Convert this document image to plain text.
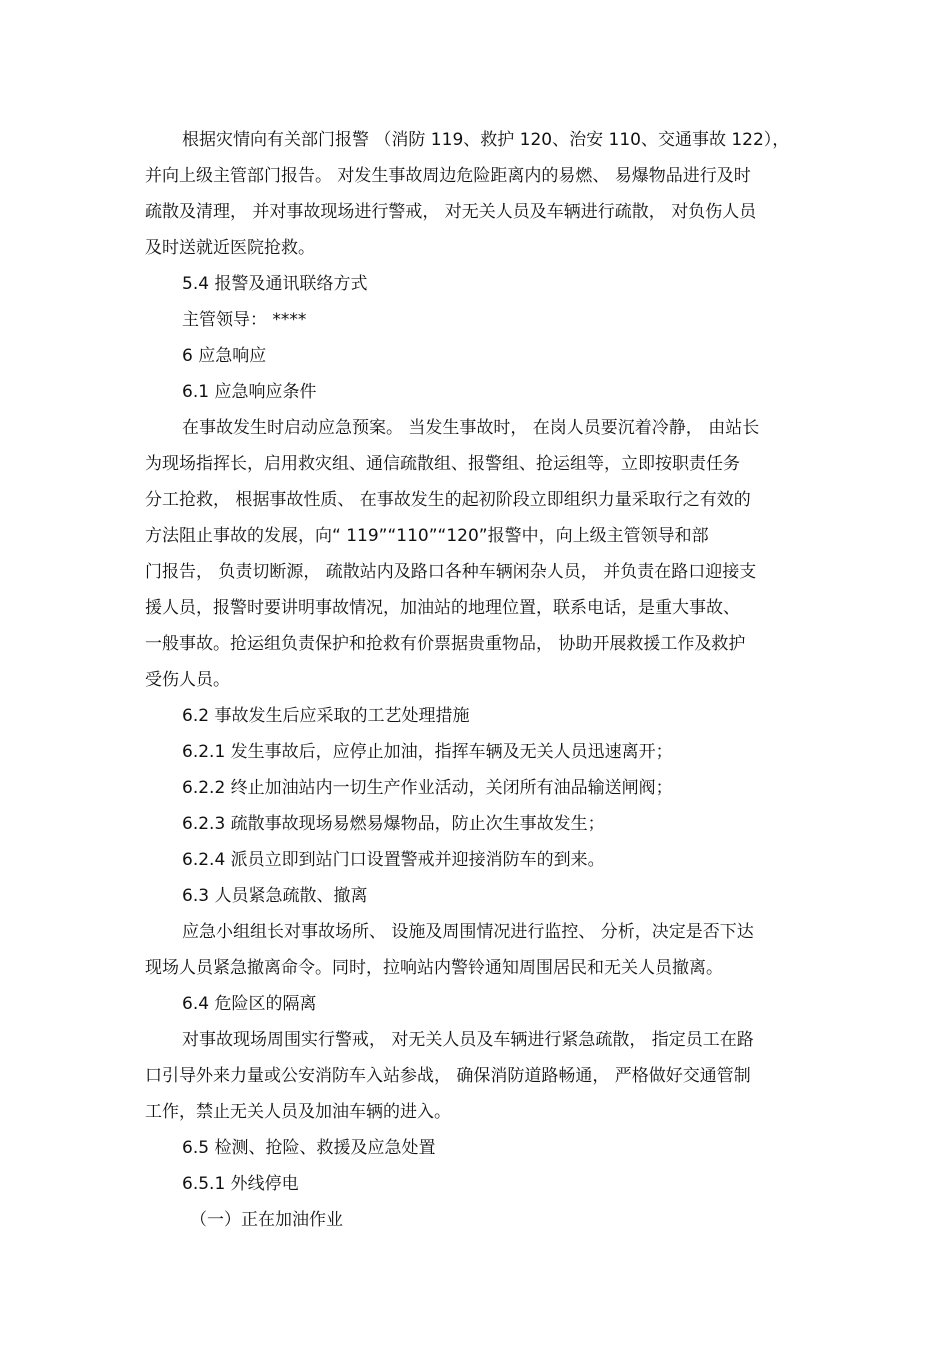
根据灾情向有关部门报警 （消防 119、救护 120、治安 110、交通事故 122），
并向上级主管部门报告。 对发生事故周边危险距离内的易燃、 易爆物品进行及时
疏散及清理， 并对事故现场进行警戒， 对无关人员及车辆进行疏散， 对负伤人员
及时送就近医院抢救。
5.4 报警及通讯联络方式
主管领导： ****
6 应急响应
6.1 应急响应条件
在事故发生时启动应急预案。 当发生事故时， 在岗人员要沉着冷静， 由站长
为现场指挥长，启用救灾组、通信疏散组、报警组、抢运组等，立即按职责任务
分工抢救， 根据事故性质、 在事故发生的起初阶段立即组织力量采取行之有效的
方法阻止事故的发展，向“ 119”“110”“120”报警中，向上级主管领导和部
门报告， 负责切断源， 疏散站内及路口各种车辆闲杂人员， 并负责在路口迎接支
援人员，报警时要讲明事故情况，加油站的地理位置，联系电话，是重大事故、
一般事故。抢运组负责保护和抢救有价票据贵重物品， 协助开展救援工作及救护
受伤人员。
6.2 事故发生后应采取的工艺处理措施
6.2.1 发生事故后，应停止加油，指挥车辆及无关人员迅速离开；
6.2.2 终止加油站内一切生产作业活动，关闭所有油品输送闸阀；
6.2.3 疏散事故现场易燃易爆物品，防止次生事故发生；
6.2.4 派员立即到站门口设置警戒并迎接消防车的到来。
6.3 人员紧急疏散、撤离
应急小组组长对事故场所、 设施及周围情况进行监控、 分析，决定是否下达
现场人员紧急撤离命令。同时，拉响站内警铃通知周围居民和无关人员撤离。
6.4 危险区的隔离
对事故现场周围实行警戒， 对无关人员及车辆进行紧急疏散， 指定员工在路
口引导外来力量或公安消防车入站参战， 确保消防道路畅通， 严格做好交通管制
工作，禁止无关人员及加油车辆的进入。
6.5 检测、抢险、救援及应急处置
6.5.1 外线停电
（一）正在加油作业
